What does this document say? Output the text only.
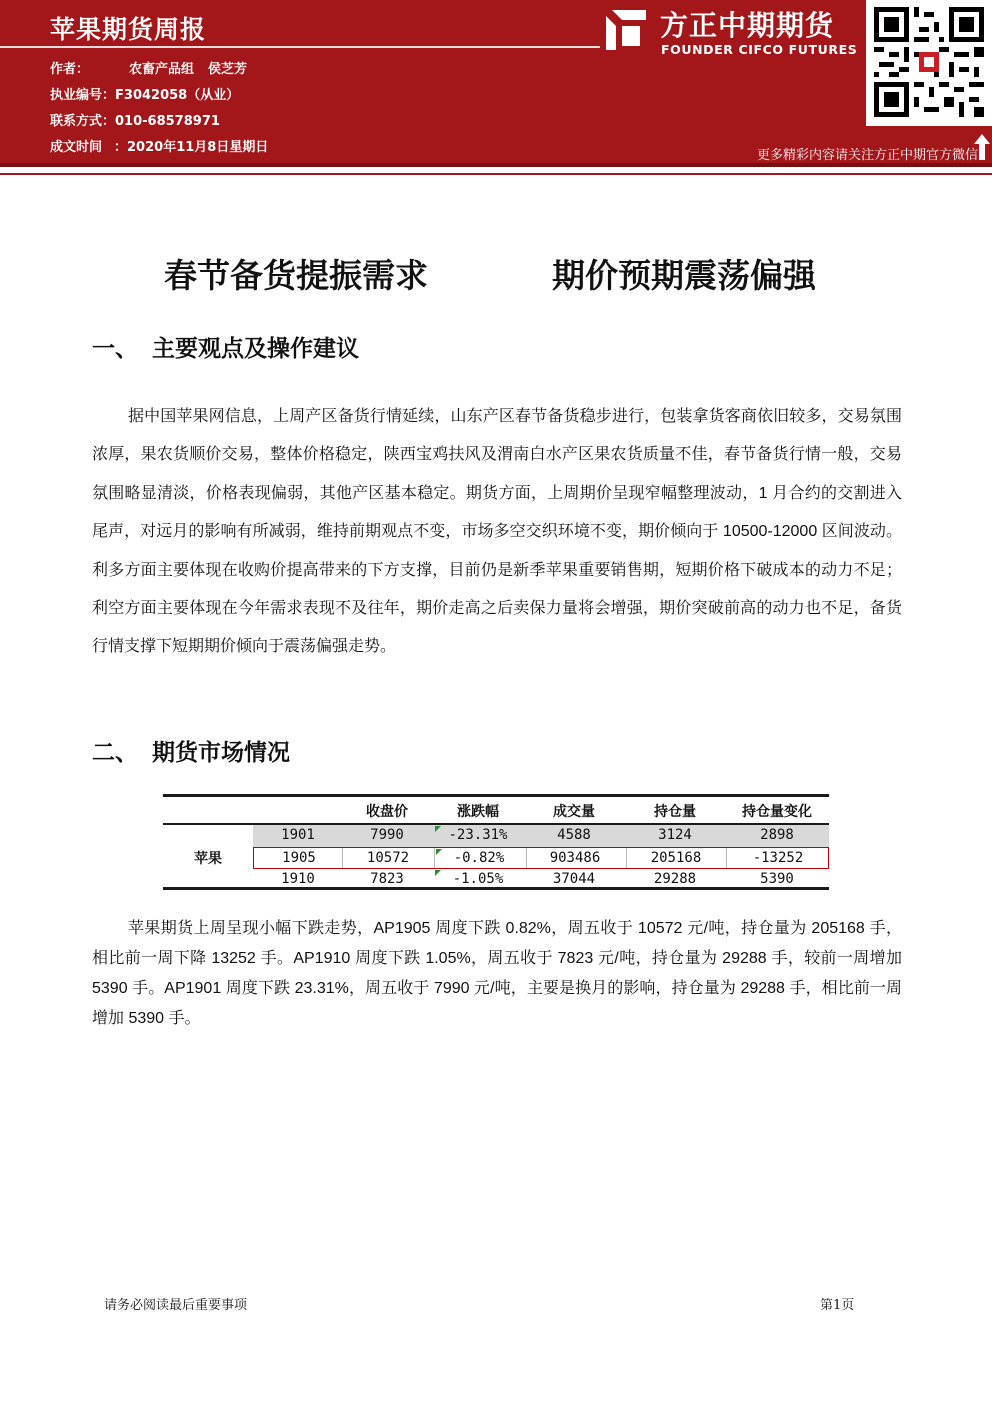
苹果期货周报
作者：	农畜产品组 侯芝芳
执业编号：F3042058（从业）
联系方式：010-68578971
成文时间 ：2020年11月8日星期日
方正中期期货
FOUNDER CIFCO FUTURES
更多精彩内容请关注方正中期官方微信
春节备货提振需求	期价预期震荡偏强
一、 主要观点及操作建议
据中国苹果网信息，上周产区备货行情延续，山东产区春节备货稳步进行，包装拿货客商依旧较多，交易氛围浓厚，果农货顺价交易，整体价格稳定，陕西宝鸡扶风及渭南白水产区果农货质量不佳，春节备货行情一般，交易氛围略显清淡，价格表现偏弱，其他产区基本稳定。期货方面，上周期价呈现窄幅整理波动，1 月合约的交割进入尾声，对远月的影响有所减弱，维持前期观点不变，市场多空交织环境不变，期价倾向于 10500-12000 区间波动。利多方面主要体现在收购价提高带来的下方支撑，目前仍是新季苹果重要销售期，短期价格下破成本的动力不足；利空方面主要体现在今年需求表现不及往年，期价走高之后卖保力量将会增强，期价突破前高的动力也不足，备货行情支撑下短期期价倾向于震荡偏强走势。
二、 期货市场情况
收盘价	涨跌幅	成交量	持仓量	持仓量变化
苹果
1901	7990	-23.31%	4588	3124	2898
1905	10572	-0.82%	903486	205168	-13252
1910	7823	-1.05%	37044	29288	5390
苹果期货上周呈现小幅下跌走势，AP1905 周度下跌 0.82%，周五收于 10572 元/吨，持仓量为 205168 手，相比前一周下降 13252 手。AP1910 周度下跌 1.05%，周五收于 7823 元/吨，持仓量为 29288 手，较前一周增加 5390 手。AP1901 周度下跌 23.31%，周五收于 7990 元/吨，主要是换月的影响，持仓量为 29288 手，相比前一周增加 5390 手。
请务必阅读最后重要事项	第1页
